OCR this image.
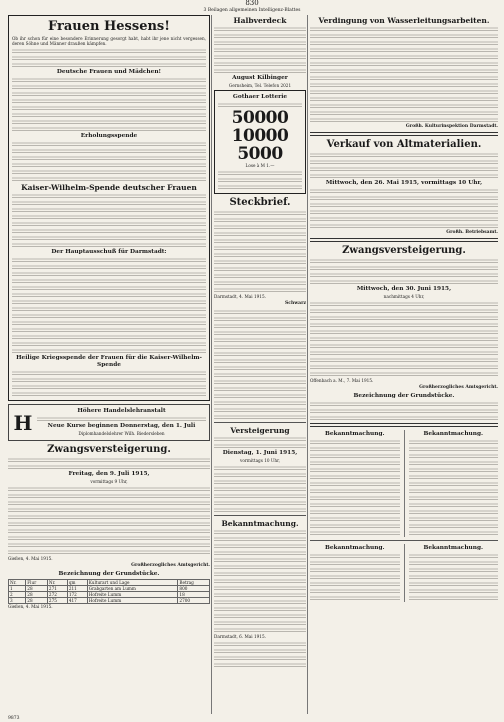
830
3 Beilagen allgemeinen Intelligenz-Blattes
Frauen Hessens!

Ob ihr schon für eine besondere Erinnerung gesorgt habt, habt ihr jene nicht vergessen, deren Söhne und Männer draußen kämpfen.

Deutsche Frauen und Mädchen!
Erholungsspende
Kaiser-Wilhelm-Spende deutscher Frauen
Der Hauptausschuß für Darmstadt:
Heilige Kriegsspende der Frauen für die Kaiser-Wilhelm-Spende
H	Höhere Handelslehranstalt
Neue Kurse beginnen Donnerstag, den 1. Juli
Diplomhandelslehrer Wilh. Biedersleben
Zwangsversteigerung.
Freitag, den 9. Juli 1915,
vormittags 9 Uhr,

Gießen, 4. Mai 1915.

Großherzogliches Amtsgericht.
Bezeichnung der Grundstücke.
Nr.	Flur	Nr.	qm	Kulturart und Lage	Betrag
1	28	271	211	Grabgarten am Lumm	800
2	28	272	172	Hofreite Lumm	18
3	28	275	417	Hofreite Lumm	2700

Gießen, 4. Mai 1915.

Halbverdeck
August Kilbinger
Gernsheim, Tel. Telefon 2021
Gothaer Lotterie
50000
10000
5000
Lose à M 1.—
Steckbrief.

Darmstadt, 4. Mai 1915.

Schwarz
Versteigerung
Dienstag, 1. Juni 1915,
vormittags 10 Uhr,
Bekanntmachung.

Darmstadt, 6. Mai 1915.

Verdingung von Wasserleitungsarbeiten.
Großh. Kulturinspektion Darmstadt.
Verkauf von Altmaterialien.
Mittwoch, den 26. Mai 1915, vormittags 10 Uhr,
Großh. Betriebsamt.
Zwangsversteigerung.
Mittwoch, den 30. Juni 1915,
nachmittags 4 Uhr,

Offenbach a. M., 7. Mai 1915.

Großherzogliches Amtsgericht.
Bezeichnung der Grundstücke.
Bekanntmachung.	Bekanntmachung.
Bekanntmachung.	Bekanntmachung.
9873
